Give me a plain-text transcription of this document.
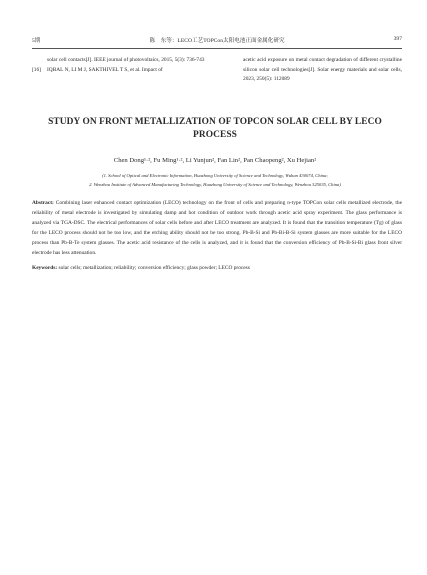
5期	陈　东等：LECO工艺TOPCon太阳电池正面金属化研究	397
solar cell contacts[J]. IEEE journal of photovoltaics, 2015, 5(3): 736-743
[16] IQBAL N, LI M J, SAKTHIVEL T S, et al. Impact of
acetic acid exposure on metal contact degradation of different crystalline silicon solar cell technologies[J]. Solar energy materials and solar cells, 2023, 250(5): 112089
STUDY ON FRONT METALLIZATION OF TOPCON SOLAR CELL BY LECO PROCESS
Chen Dong¹·², Fu Ming¹·², Li Yunjun², Fan Lin², Pan Chaopeng², Xu Hejian²
(1. School of Optical and Electronic Information, Huazhong University of Science and Technology, Wuhan 430074, China;
2. Wenzhou Institute of Advanced Manufacturing Technology, Huazhong University of Science and Technology, Wenzhou 325035, China)
Abstract: Combining laser enhanced contact optimization (LECO) technology on the front of cells and preparing n-type TOPCon solar cells metallized electrode, the reliability of metal electrode is investigated by simulating damp and hot condition of outdoor work through acetic acid spray experiment. The glass performance is analyzed via TGA-DSC. The electrical performances of solar cells before and after LECO treatment are analyzed. It is found that the transition temperature (Tg) of glass for the LECO process should not be too low, and the etching ability should not be too strong. Pb-B-Si and Pb-Bi-B-Si system glasses are more suitable for the LECO process than Pb-B-Te system glasses. The acetic acid resistance of the cells is analyzed, and it is found that the conversion efficiency of Pb-B-Si-Bi glass front silver electrode has less attenuation.
Keywords: solar cells; metallization; reliability; conversion efficiency; glass powder; LECO process
